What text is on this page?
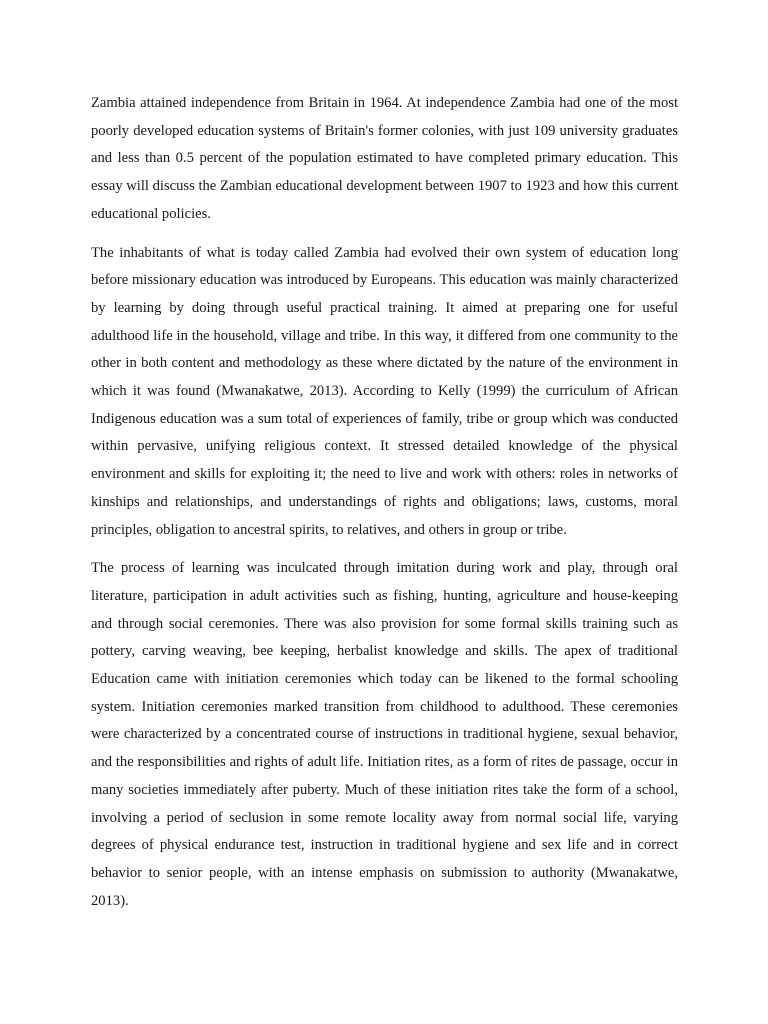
Zambia attained independence from Britain in 1964. At independence Zambia had one of the most poorly developed education systems of Britain's former colonies, with just 109 university graduates and less than 0.5 percent of the population estimated to have completed primary education. This essay will discuss the Zambian educational development between 1907 to 1923 and how this current educational policies.

The inhabitants of what is today called Zambia had evolved their own system of education long before missionary education was introduced by Europeans. This education was mainly characterized by learning by doing through useful practical training. It aimed at preparing one for useful adulthood life in the household, village and tribe. In this way, it differed from one community to the other in both content and methodology as these where dictated by the nature of the environment in which it was found (Mwanakatwe, 2013). According to Kelly (1999) the curriculum of African Indigenous education was a sum total of experiences of family, tribe or group which was conducted within pervasive, unifying religious context. It stressed detailed knowledge of the physical environment and skills for exploiting it; the need to live and work with others: roles in networks of kinships and relationships, and understandings of rights and obligations; laws, customs, moral principles, obligation to ancestral spirits, to relatives, and others in group or tribe.

The process of learning was inculcated through imitation during work and play, through oral literature, participation in adult activities such as fishing, hunting, agriculture and house-keeping and through social ceremonies. There was also provision for some formal skills training such as pottery, carving weaving, bee keeping, herbalist knowledge and skills. The apex of traditional Education came with initiation ceremonies which today can be likened to the formal schooling system. Initiation ceremonies marked transition from childhood to adulthood. These ceremonies were characterized by a concentrated course of instructions in traditional hygiene, sexual behavior, and the responsibilities and rights of adult life. Initiation rites, as a form of rites de passage, occur in many societies immediately after puberty. Much of these initiation rites take the form of a school, involving a period of seclusion in some remote locality away from normal social life, varying degrees of physical endurance test, instruction in traditional hygiene and sex life and in correct behavior to senior people, with an intense emphasis on submission to authority (Mwanakatwe, 2013).
